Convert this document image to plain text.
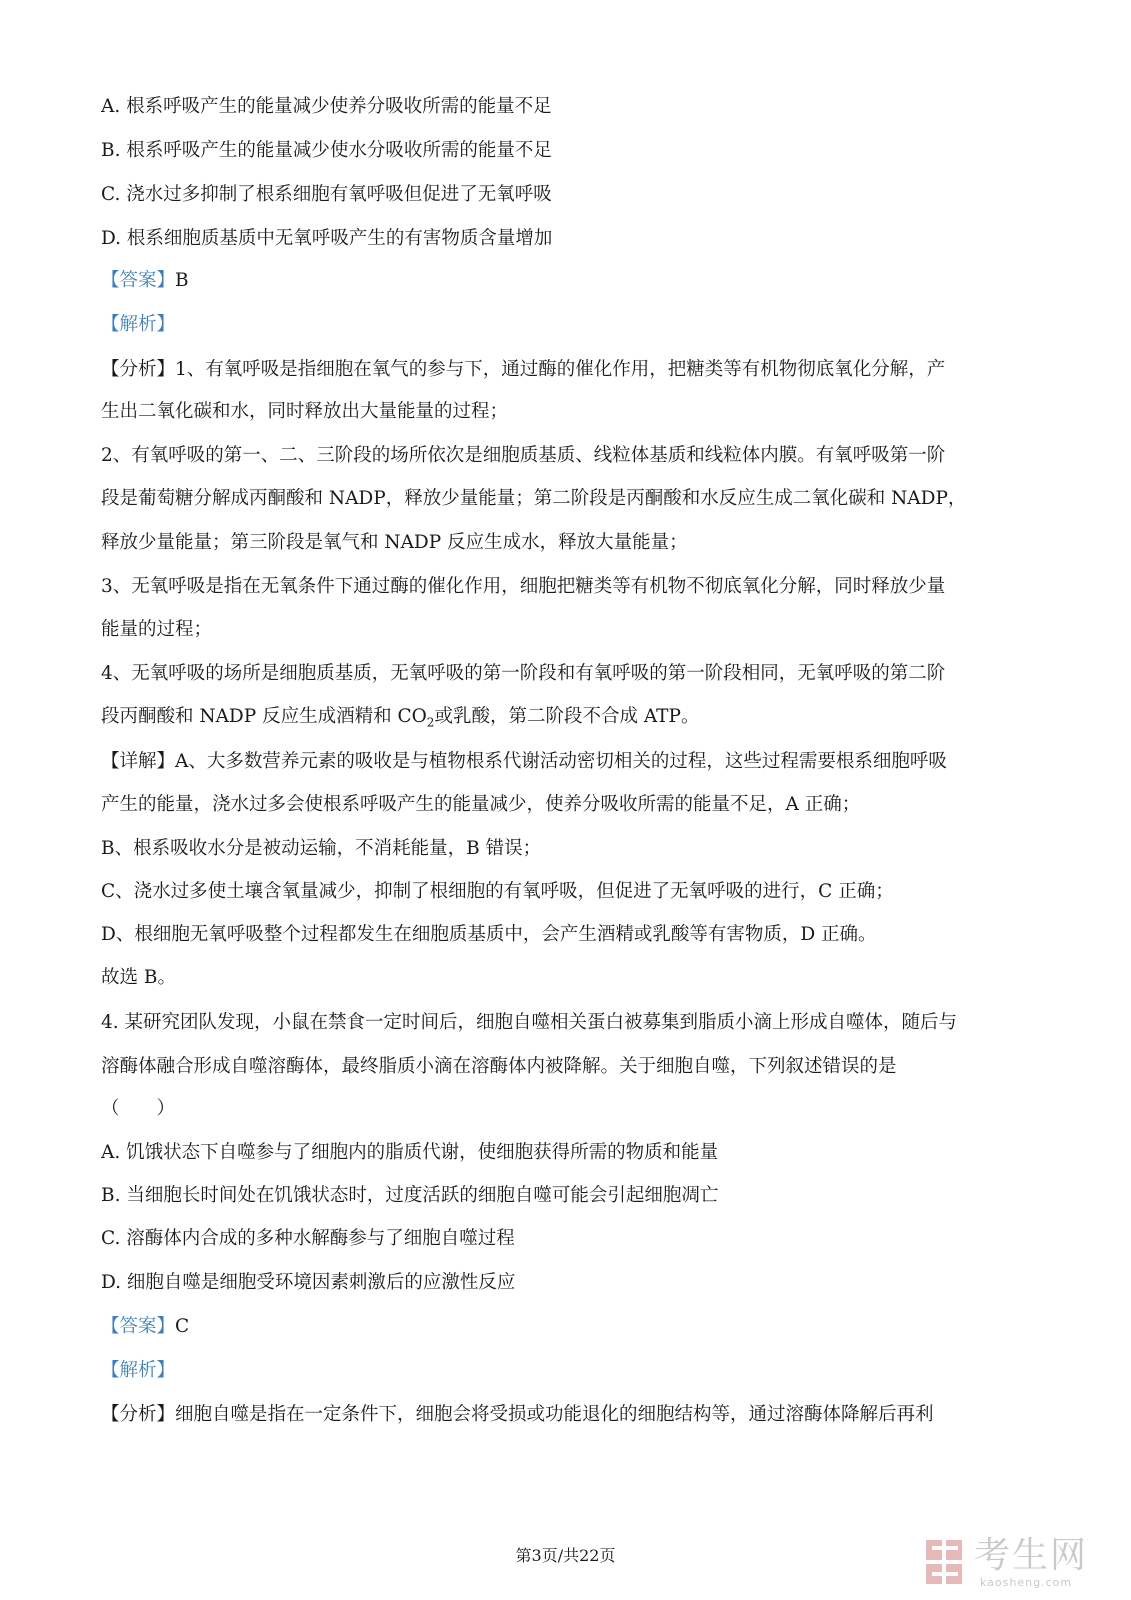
A. 根系呼吸产生的能量减少使养分吸收所需的能量不足
B. 根系呼吸产生的能量减少使水分吸收所需的能量不足
C. 浇水过多抑制了根系细胞有氧呼吸但促进了无氧呼吸
D. 根系细胞质基质中无氧呼吸产生的有害物质含量增加
【答案】B
【解析】
【分析】1、有氧呼吸是指细胞在氧气的参与下，通过酶的催化作用，把糖类等有机物彻底氧化分解，产
生出二氧化碳和水，同时释放出大量能量的过程；
2、有氧呼吸的第一、二、三阶段的场所依次是细胞质基质、线粒体基质和线粒体内膜。有氧呼吸第一阶
段是葡萄糖分解成丙酮酸和 NADP，释放少量能量；第二阶段是丙酮酸和水反应生成二氧化碳和 NADP，
释放少量能量；第三阶段是氧气和 NADP 反应生成水，释放大量能量；
3、无氧呼吸是指在无氧条件下通过酶的催化作用，细胞把糖类等有机物不彻底氧化分解，同时释放少量
能量的过程；
4、无氧呼吸的场所是细胞质基质，无氧呼吸的第一阶段和有氧呼吸的第一阶段相同，无氧呼吸的第二阶
段丙酮酸和 NADP 反应生成酒精和 $CO_2$或乳酸，第二阶段不合成 ATP。
【详解】A、大多数营养元素的吸收是与植物根系代谢活动密切相关的过程，这些过程需要根系细胞呼吸
产生的能量，浇水过多会使根系呼吸产生的能量减少，使养分吸收所需的能量不足，A 正确；
B、根系吸收水分是被动运输，不消耗能量，B 错误；
C、浇水过多使土壤含氧量减少，抑制了根细胞的有氧呼吸，但促进了无氧呼吸的进行，C 正确；
D、根细胞无氧呼吸整个过程都发生在细胞质基质中，会产生酒精或乳酸等有害物质，D 正确。
故选 B。
4. 某研究团队发现，小鼠在禁食一定时间后，细胞自噬相关蛋白被募集到脂质小滴上形成自噬体，随后与
溶酶体融合形成自噬溶酶体，最终脂质小滴在溶酶体内被降解。关于细胞自噬，下列叙述错误的是
（　　）
A. 饥饿状态下自噬参与了细胞内的脂质代谢，使细胞获得所需的物质和能量
B. 当细胞长时间处在饥饿状态时，过度活跃的细胞自噬可能会引起细胞凋亡
C. 溶酶体内合成的多种水解酶参与了细胞自噬过程
D. 细胞自噬是细胞受环境因素刺激后的应激性反应
【答案】C
【解析】
【分析】细胞自噬是指在一定条件下，细胞会将受损或功能退化的细胞结构等，通过溶酶体降解后再利
第3页/共22页	考生网
kaosheng.com
